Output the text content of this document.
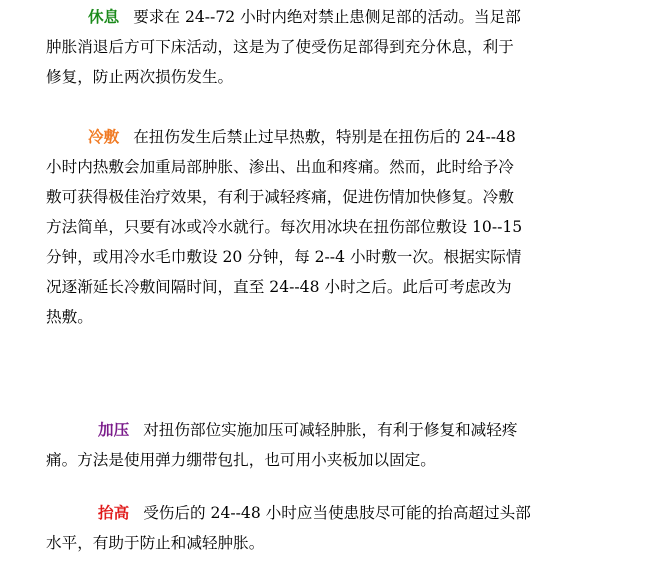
休息 要求在 24--72 小时内绝对禁止患侧足部的活动。当足部
肿胀消退后方可下床活动，这是为了使受伤足部得到充分休息，利于
修复，防止两次损伤发生。
冷敷 在扭伤发生后禁止过早热敷，特别是在扭伤后的 24--48
小时内热敷会加重局部肿胀、渗出、出血和疼痛。然而，此时给予冷
敷可获得极佳治疗效果，有利于减轻疼痛，促进伤情加快修复。冷敷
方法简单，只要有冰或冷水就行。每次用冰块在扭伤部位敷设 10--15
分钟，或用冷水毛巾敷设 20 分钟，每 2--4 小时敷一次。根据实际情
况逐渐延长冷敷间隔时间，直至 24--48 小时之后。此后可考虑改为
热敷。
加压 对扭伤部位实施加压可减轻肿胀，有利于修复和减轻疼
痛。方法是使用弹力绷带包扎，也可用小夹板加以固定。
抬高 受伤后的 24--48 小时应当使患肢尽可能的抬高超过头部
水平，有助于防止和减轻肿胀。
